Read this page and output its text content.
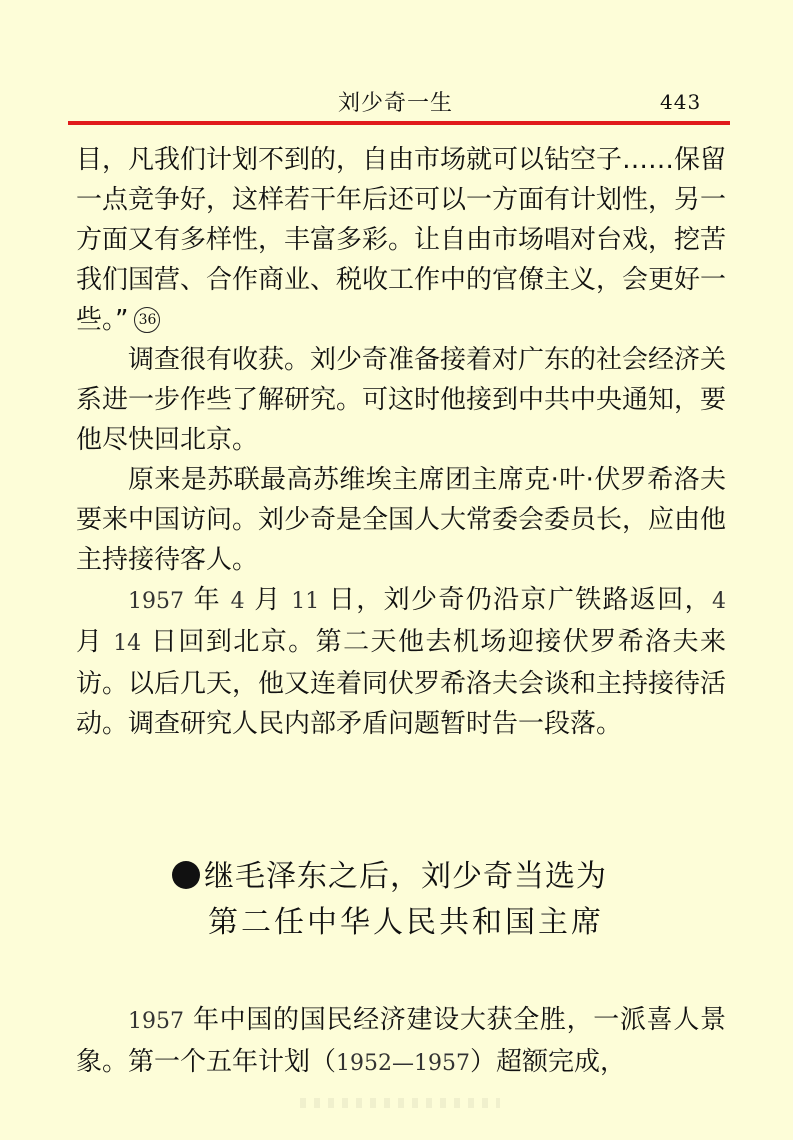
刘少奇一生	443

目，凡我们计划不到的，自由市场就可以钻空子……保留一点竞争好，这样若干年后还可以一方面有计划性，另一方面又有多样性，丰富多彩。让自由市场唱对台戏，挖苦我们国营、合作商业、税收工作中的官僚主义，会更好一些。” 36

调查很有收获。刘少奇准备接着对广东的社会经济关系进一步作些了解研究。可这时他接到中共中央通知，要他尽快回北京。

原来是苏联最高苏维埃主席团主席克·叶·伏罗希洛夫要来中国访问。刘少奇是全国人大常委会委员长，应由他主持接待客人。

1957 年 4 月 11 日，刘少奇仍沿京广铁路返回，4 月 14 日回到北京。第二天他去机场迎接伏罗希洛夫来访。以后几天，他又连着同伏罗希洛夫会谈和主持接待活动。调查研究人民内部矛盾问题暂时告一段落。

继毛泽东之后，刘少奇当选为
第二任中华人民共和国主席

1957 年中国的国民经济建设大获全胜，一派喜人景象。第一个五年计划（1952—1957）超额完成，
